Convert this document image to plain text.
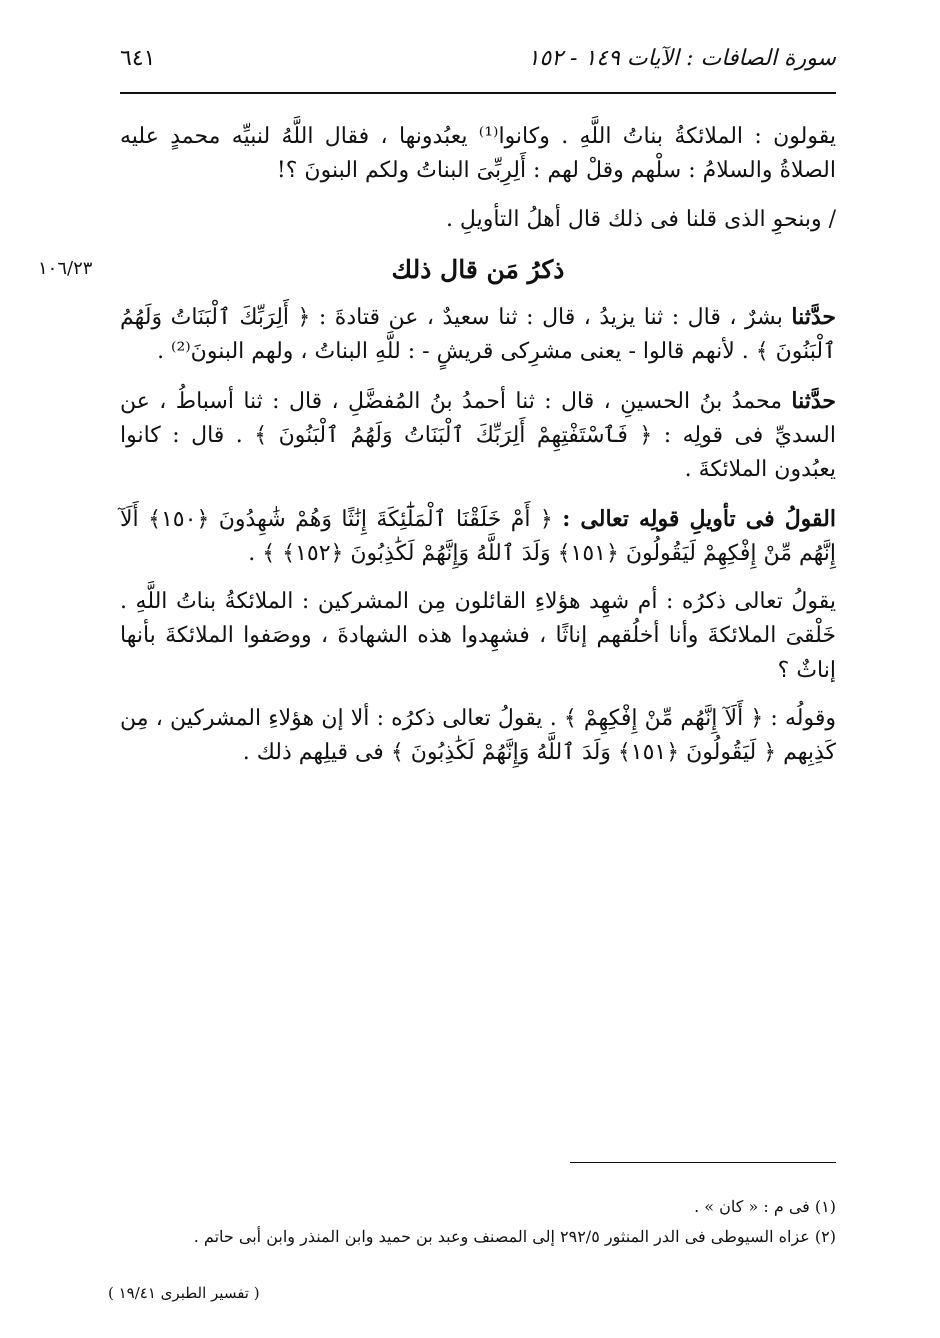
٦٤١	سورة الصافات : الآيات ١٤٩ - ١٥٢
١٠٦/٢٣

يقولون : الملائكةُ بناتُ اللَّهِ . وكانوا⁽¹⁾ يعبُدونها ، فقال اللَّهُ لنبيِّه محمدٍ عليه الصلاةُ والسلامُ : سلْهم وقلْ لهم : أَلِرِبِّىَ البناتُ ولكم البنونَ ؟!

/ وبنحوِ الذى قلنا فى ذلك قال أهلُ التأويلِ .

ذكرُ مَن قال ذلك

حدَّثنا بشرٌ ، قال : ثنا يزيدُ ، قال : ثنا سعيدٌ ، عن قتادةَ : ﴿ أَلِرَبِّكَ ٱلْبَنَاتُ وَلَهُمُ ٱلْبَنُونَ ﴾ . لأنهم قالوا - يعنى مشرِكى قريشٍ - : للَّهِ البناتُ ، ولهم البنونَ⁽²⁾ .

حدَّثنا محمدُ بنُ الحسينِ ، قال : ثنا أحمدُ بنُ المُفضَّلِ ، قال : ثنا أسباطُ ، عن السديِّ فى قولِه : ﴿ فَٱسْتَفْتِهِمْ أَلِرَبِّكَ ٱلْبَنَاتُ وَلَهُمُ ٱلْبَنُونَ ﴾ . قال : كانوا يعبُدون الملائكةَ .

القولُ فى تأويلِ قولِه تعالى : ﴿ أَمْ خَلَقْنَا ٱلْمَلَٰٓئِكَةَ إِنَٰثًا وَهُمْ شَٰهِدُونَ ﴿١٥٠﴾ أَلَآ إِنَّهُم مِّنْ إِفْكِهِمْ لَيَقُولُونَ ﴿١٥١﴾ وَلَدَ ٱللَّهُ وَإِنَّهُمْ لَكَٰذِبُونَ ﴿١٥٢﴾ ﴾ .

يقولُ تعالى ذكرُه : أم شهِد هؤلاءِ القائلون مِن المشركين : الملائكةُ بناتُ اللَّهِ . خَلْقىَ الملائكةَ وأنا أخلُقهم إناثًا ، فشهِدوا هذه الشهادةَ ، ووصَفوا الملائكةَ بأنها إناثٌ ؟

وقولُه : ﴿ أَلَآ إِنَّهُم مِّنْ إِفْكِهِمْ ﴾ . يقولُ تعالى ذكرُه : ألا إن هؤلاءِ المشركين ، مِن كَذِبِهم ﴿ لَيَقُولُونَ ﴿١٥١﴾ وَلَدَ ٱللَّهُ وَإِنَّهُمْ لَكَٰذِبُونَ ﴾ فى قيلِهم ذلك .

(١) فى م : « كان » .
(٢) عزاه السيوطى فى الدر المنثور ٢٩٢/٥ إلى المصنف وعبد بن حميد وابن المنذر وابن أبى حاتم .
( تفسير الطبرى ١٩/٤١ )
